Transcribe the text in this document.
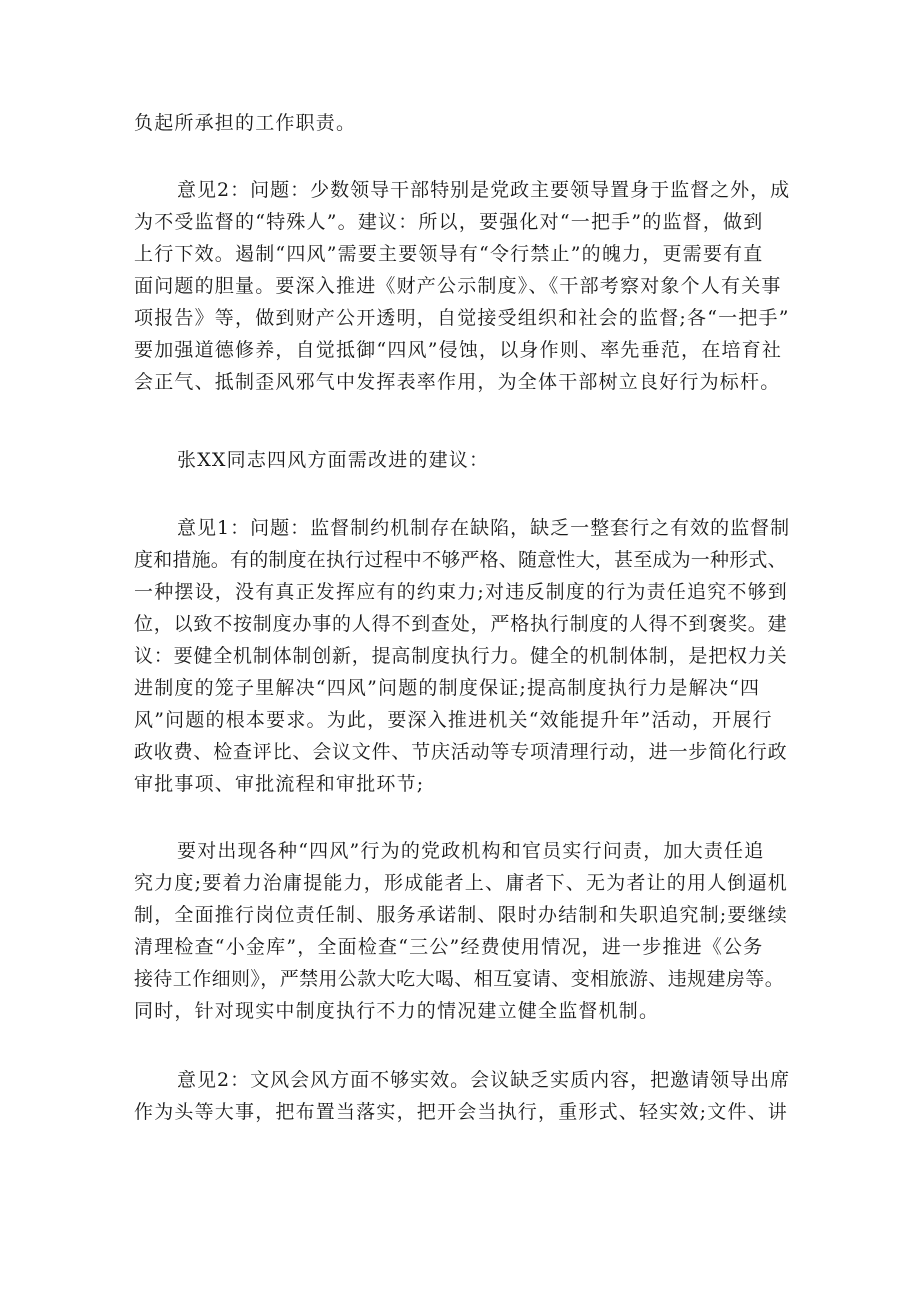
负起所承担的工作职责。
意见2：问题：少数领导干部特别是党政主要领导置身于监督之外，成
为不受监督的“特殊人”。建议：所以，要强化对“一把手”的监督，做到
上行下效。遏制“四风”需要主要领导有“令行禁止”的魄力，更需要有直
面问题的胆量。要深入推进《财产公示制度》、《干部考察对象个人有关事
项报告》等，做到财产公开透明，自觉接受组织和社会的监督;各“一把手”
要加强道德修养，自觉抵御“四风”侵蚀，以身作则、率先垂范，在培育社
会正气、抵制歪风邪气中发挥表率作用，为全体干部树立良好行为标杆。
张XX同志四风方面需改进的建议：
意见1：问题：监督制约机制存在缺陷，缺乏一整套行之有效的监督制
度和措施。有的制度在执行过程中不够严格、随意性大，甚至成为一种形式、
一种摆设，没有真正发挥应有的约束力;对违反制度的行为责任追究不够到
位，以致不按制度办事的人得不到查处，严格执行制度的人得不到褒奖。建
议：要健全机制体制创新，提高制度执行力。健全的机制体制，是把权力关
进制度的笼子里解决“四风”问题的制度保证;提高制度执行力是解决“四
风”问题的根本要求。为此，要深入推进机关“效能提升年”活动，开展行
政收费、检查评比、会议文件、节庆活动等专项清理行动，进一步简化行政
审批事项、审批流程和审批环节;
要对出现各种“四风”行为的党政机构和官员实行问责，加大责任追
究力度;要着力治庸提能力，形成能者上、庸者下、无为者让的用人倒逼机
制，全面推行岗位责任制、服务承诺制、限时办结制和失职追究制;要继续
清理检查“小金库”，全面检查“三公”经费使用情况，进一步推进《公务
接待工作细则》，严禁用公款大吃大喝、相互宴请、变相旅游、违规建房等。
同时，针对现实中制度执行不力的情况建立健全监督机制。
意见2：文风会风方面不够实效。会议缺乏实质内容，把邀请领导出席
作为头等大事，把布置当落实，把开会当执行，重形式、轻实效;文件、讲
